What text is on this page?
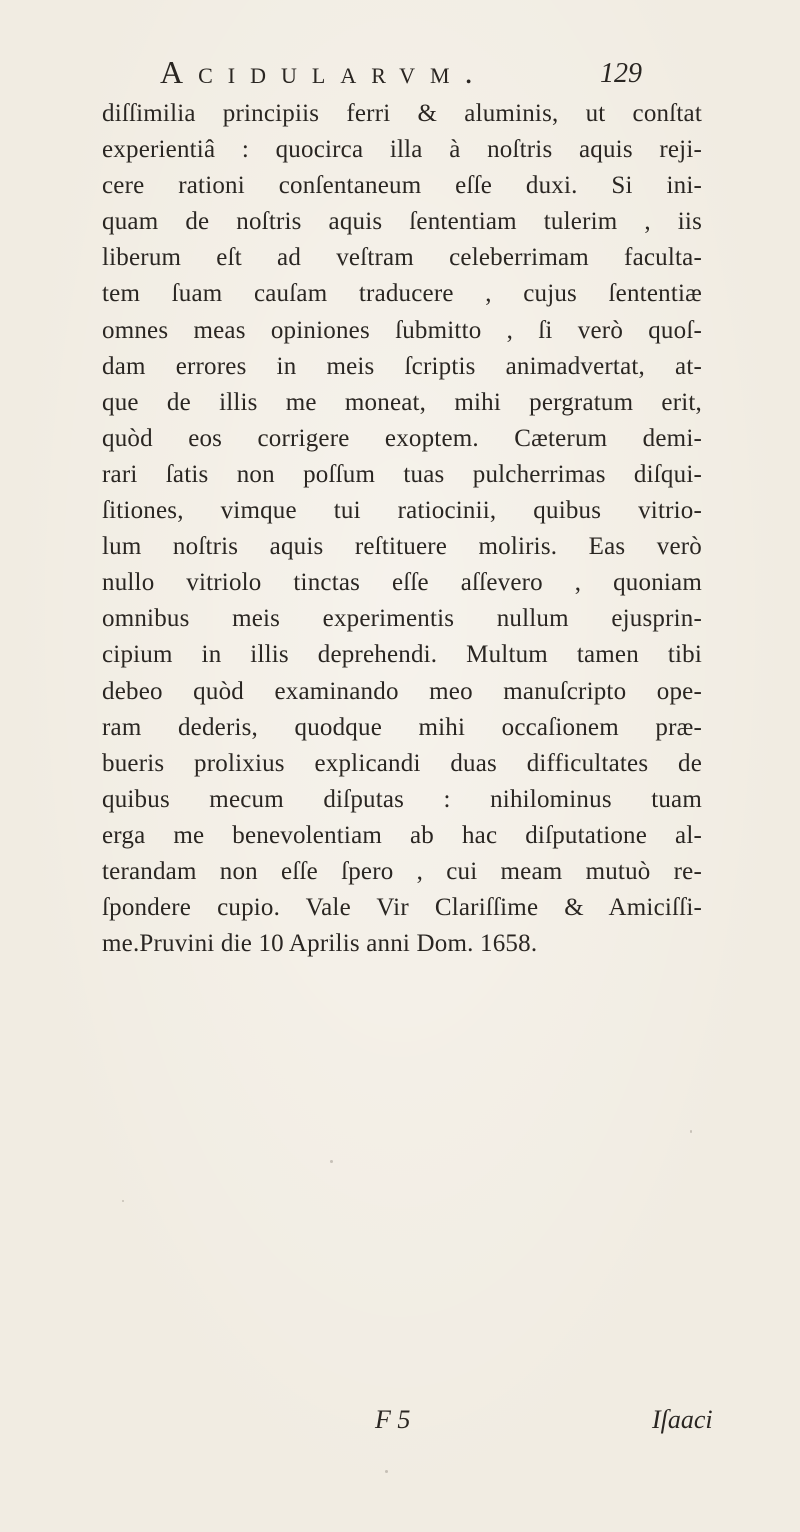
Acidularvm.	129
diſſimilia principiis ferri & aluminis, ut conſtat
experientiâ : quocirca illa à noſtris aquis reji-
cere rationi conſentaneum eſſe duxi. Si ini-
quam de noſtris aquis ſententiam tulerim , iis
liberum eſt ad veſtram celeberrimam faculta-
tem ſuam cauſam traducere , cujus ſententiæ
omnes meas opiniones ſubmitto , ſi verò quoſ-
dam errores in meis ſcriptis animadvertat, at-
que de illis me moneat, mihi pergratum erit,
quòd eos corrigere exoptem. Cæterum demi-
rari ſatis non poſſum tuas pulcherrimas diſqui-
ſitiones, vimque tui ratiocinii, quibus vitrio-
lum noſtris aquis reſtituere moliris. Eas verò
nullo vitriolo tinctas eſſe aſſevero , quoniam
omnibus meis experimentis nullum ejusprin-
cipium in illis deprehendi. Multum tamen tibi
debeo quòd examinando meo manuſcripto ope-
ram dederis, quodque mihi occaſionem præ-
bueris prolixius explicandi duas difficultates de
quibus mecum diſputas : nihilominus tuam
erga me benevolentiam ab hac diſputatione al-
terandam non eſſe ſpero , cui meam mutuò re-
ſpondere cupio. Vale Vir Clariſſime & Amiciſſi-
me.Pruvini die 10 Aprilis anni Dom. 1658.
F 5	Iſaaci
